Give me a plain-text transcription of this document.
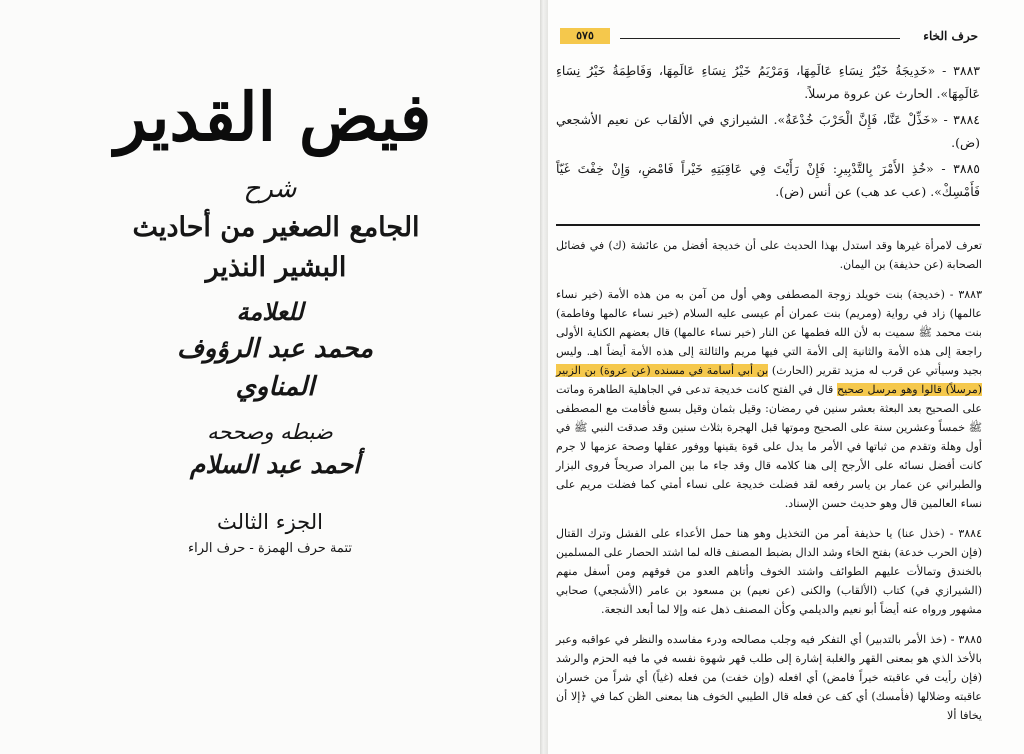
فيض القدير
شرح
الجامع الصغير من أحاديث البشير النذير
للعلامة
محمد عبد الرؤوف المناوي
ضبطه وصححه
أحمد عبد السلام
الجزء الثالث
تتمة حرف الهمزة - حرف الراء
حرف الخاء
٥٧٥

٣٨٨٣ - «خَدِيجَةُ خَيْرُ نِسَاءِ عَالَمِهَا، وَمَرْيَمُ خَيْرُ نِسَاءِ عَالَمِهَا، وَفَاطِمَةُ خَيْرُ نِسَاءِ عَالَمِهَا». الحارث عن عروة مرسلاً.

٣٨٨٤ - «خَذِّلْ عَنَّا، فَإِنَّ الْحَرْبَ خُدْعَةٌ». الشيرازي في الألقاب عن نعيم الأشجعي (ض).

٣٨٨٥ - «خُذِ الأَمْرَ بِالتَّدْبِيرِ: فَإِنْ رَأَيْتَ فِي عَاقِبَتِهِ خَيْراً فَامْضِ، وَإِنْ خِفْتَ غَيّاً فَأَمْسِكْ». (عب عد هب) عن أنس (ض).

تعرف لامرأة غيرها وقد استدل بهذا الحديث على أن خديجة أفضل من عائشة (ك) في فضائل الصحابة (عن حذيفة) بن اليمان.

٣٨٨٣ - (خديجة) بنت خويلد زوجة المصطفى وهي أول من آمن به من هذه الأمة (خير نساء عالمها) زاد في رواية (ومريم) بنت عمران أم عيسى عليه السلام (خير نساء عالمها وفاطمة) بنت محمد ﷺ سميت به لأن الله فطمها عن النار (خير نساء عالمها) قال بعضهم الكناية الأولى راجعة إلى هذه الأمة والثانية إلى الأمة التي فيها مريم والثالثة إلى هذه الأمة أيضاً اهـ. وليس بجيد وسيأتي عن قرب له مزيد تقرير (الحارث) بن أبي أسامة في مسنده (عن عروة) بن الزبير (مرسلاً) قالوا وهو مرسل صحيح قال في الفتح كانت خديجة تدعى في الجاهلية الطاهرة وماتت على الصحيح بعد البعثة بعشر سنين في رمضان: وقيل بثمان وقيل بسبع فأقامت مع المصطفى ﷺ خمساً وعشرين سنة على الصحيح وموتها قبل الهجرة بثلاث سنين وقد صدقت النبي ﷺ في أول وهلة وتقدم من ثباتها في الأمر ما يدل على قوة يقينها ووفور عقلها وصحة عزمها لا جرم كانت أفضل نسائه على الأرجح إلى هنا كلامه قال وقد جاء ما بين المراد صريحاً فروى البزار والطبراني عن عمار بن ياسر رفعه لقد فضلت خديجة على نساء أمتي كما فضلت مريم على نساء العالمين قال وهو حديث حسن الإسناد.

٣٨٨٤ - (خذل عنا) يا حذيفة أمر من التخذيل وهو هنا حمل الأعداء على الفشل وترك القتال (فإن الحرب خدعة) بفتح الخاء وشد الدال بضبط المصنف قاله لما اشتد الحصار على المسلمين بالخندق وتمالأت عليهم الطوائف واشتد الخوف وأتاهم العدو من فوقهم ومن أسفل منهم (الشيرازي في) كتاب (الألقاب) والكنى (عن نعيم) بن مسعود بن عامر (الأشجعي) صحابي مشهور ورواه عنه أيضاً أبو نعيم والديلمي وكأن المصنف ذهل عنه وإلا لما أبعد النجعة.

٣٨٨٥ - (خذ الأمر بالتدبير) أي التفكر فيه وجلب مصالحه ودرء مفاسده والنظر في عواقبه وعبر بالأخذ الذي هو بمعنى القهر والغلبة إشارة إلى طلب قهر شهوة نفسه في ما فيه الحزم والرشد (فإن رأيت في عاقبته خيراً فامض) أي افعله (وإن خفت) من فعله (غياً) أي شراً من خسران عاقبته وضلالها (فأمسك) أي كف عن فعله قال الطيبي الخوف هنا بمعنى الظن كما في ﴿إلا أن يخافا ألا
